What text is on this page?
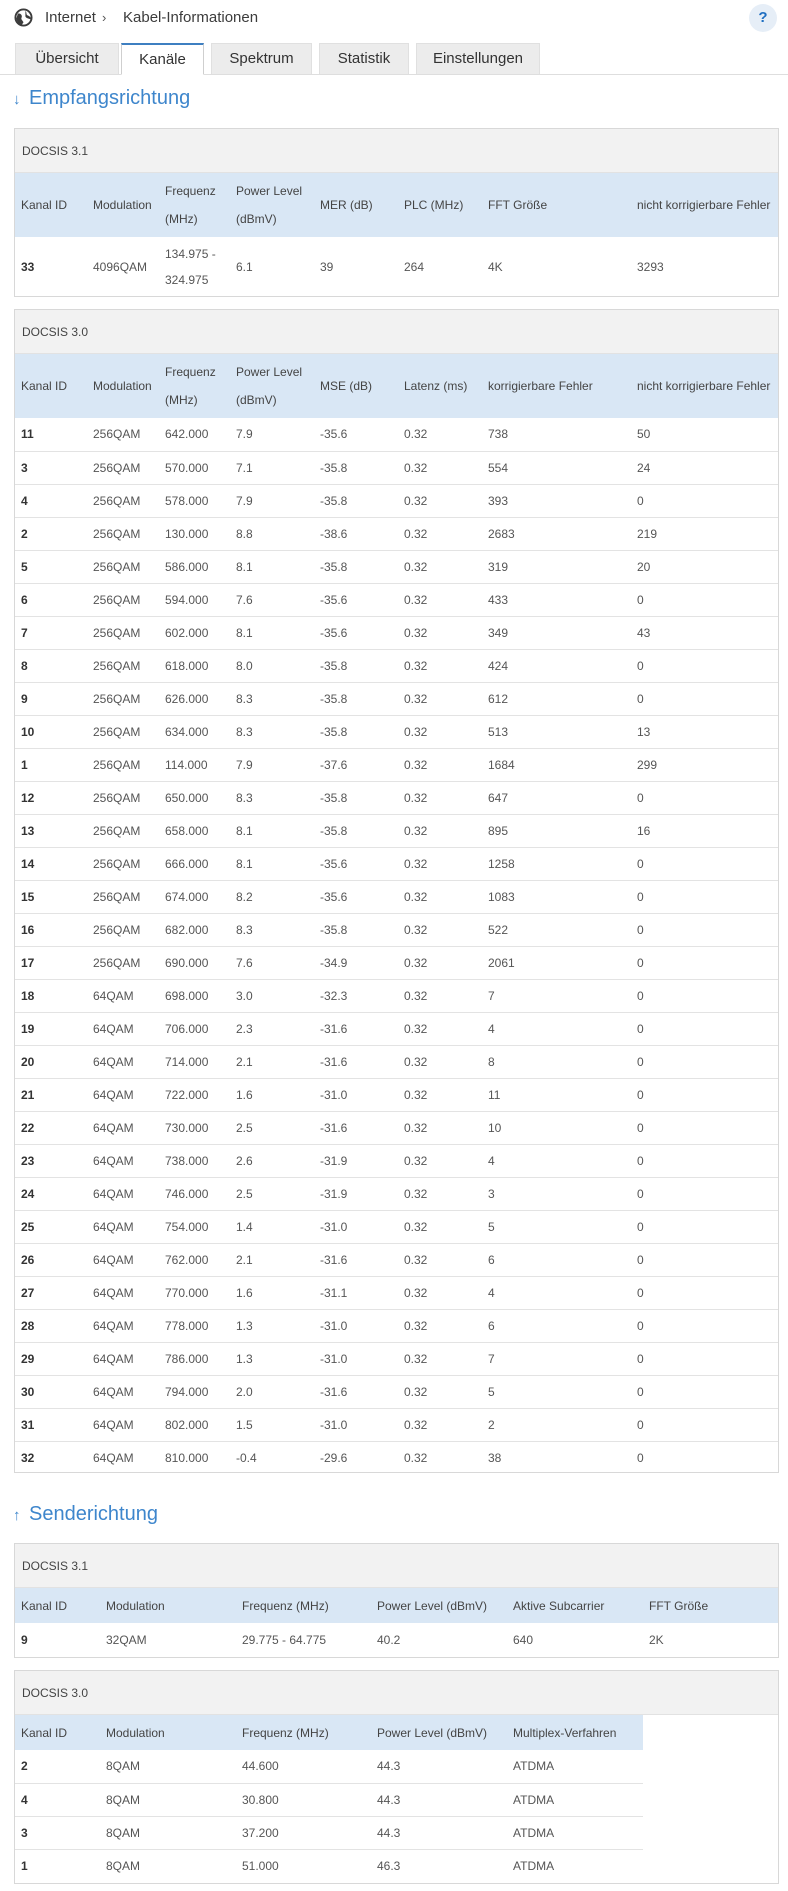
Internet › Kabel-Informationen	?
Übersicht	Kanäle	Spektrum	Statistik	Einstellungen
↓ Empfangsrichtung
DOCSIS 3.1
Kanal ID	Modulation	Frequenz (MHz)	Power Level (dBmV)	MER (dB)	PLC (MHz)	FFT Größe	nicht korrigierbare Fehler
33	4096QAM	134.975 - 324.975	6.1	39	264	4K	3293
DOCSIS 3.0
Kanal ID	Modulation	Frequenz (MHz)	Power Level (dBmV)	MSE (dB)	Latenz (ms)	korrigierbare Fehler	nicht korrigierbare Fehler
11	256QAM	642.000	7.9	-35.6	0.32	738	50
3	256QAM	570.000	7.1	-35.8	0.32	554	24
4	256QAM	578.000	7.9	-35.8	0.32	393	0
2	256QAM	130.000	8.8	-38.6	0.32	2683	219
5	256QAM	586.000	8.1	-35.8	0.32	319	20
6	256QAM	594.000	7.6	-35.6	0.32	433	0
7	256QAM	602.000	8.1	-35.6	0.32	349	43
8	256QAM	618.000	8.0	-35.8	0.32	424	0
9	256QAM	626.000	8.3	-35.8	0.32	612	0
10	256QAM	634.000	8.3	-35.8	0.32	513	13
1	256QAM	114.000	7.9	-37.6	0.32	1684	299
12	256QAM	650.000	8.3	-35.8	0.32	647	0
13	256QAM	658.000	8.1	-35.8	0.32	895	16
14	256QAM	666.000	8.1	-35.6	0.32	1258	0
15	256QAM	674.000	8.2	-35.6	0.32	1083	0
16	256QAM	682.000	8.3	-35.8	0.32	522	0
17	256QAM	690.000	7.6	-34.9	0.32	2061	0
18	64QAM	698.000	3.0	-32.3	0.32	7	0
19	64QAM	706.000	2.3	-31.6	0.32	4	0
20	64QAM	714.000	2.1	-31.6	0.32	8	0
21	64QAM	722.000	1.6	-31.0	0.32	11	0
22	64QAM	730.000	2.5	-31.6	0.32	10	0
23	64QAM	738.000	2.6	-31.9	0.32	4	0
24	64QAM	746.000	2.5	-31.9	0.32	3	0
25	64QAM	754.000	1.4	-31.0	0.32	5	0
26	64QAM	762.000	2.1	-31.6	0.32	6	0
27	64QAM	770.000	1.6	-31.1	0.32	4	0
28	64QAM	778.000	1.3	-31.0	0.32	6	0
29	64QAM	786.000	1.3	-31.0	0.32	7	0
30	64QAM	794.000	2.0	-31.6	0.32	5	0
31	64QAM	802.000	1.5	-31.0	0.32	2	0
32	64QAM	810.000	-0.4	-29.6	0.32	38	0
↑ Senderichtung
DOCSIS 3.1
Kanal ID	Modulation	Frequenz (MHz)	Power Level (dBmV)	Aktive Subcarrier	FFT Größe
9	32QAM	29.775 - 64.775	40.2	640	2K
DOCSIS 3.0
Kanal ID	Modulation	Frequenz (MHz)	Power Level (dBmV)	Multiplex-Verfahren
2	8QAM	44.600	44.3	ATDMA
4	8QAM	30.800	44.3	ATDMA
3	8QAM	37.200	44.3	ATDMA
1	8QAM	51.000	46.3	ATDMA
